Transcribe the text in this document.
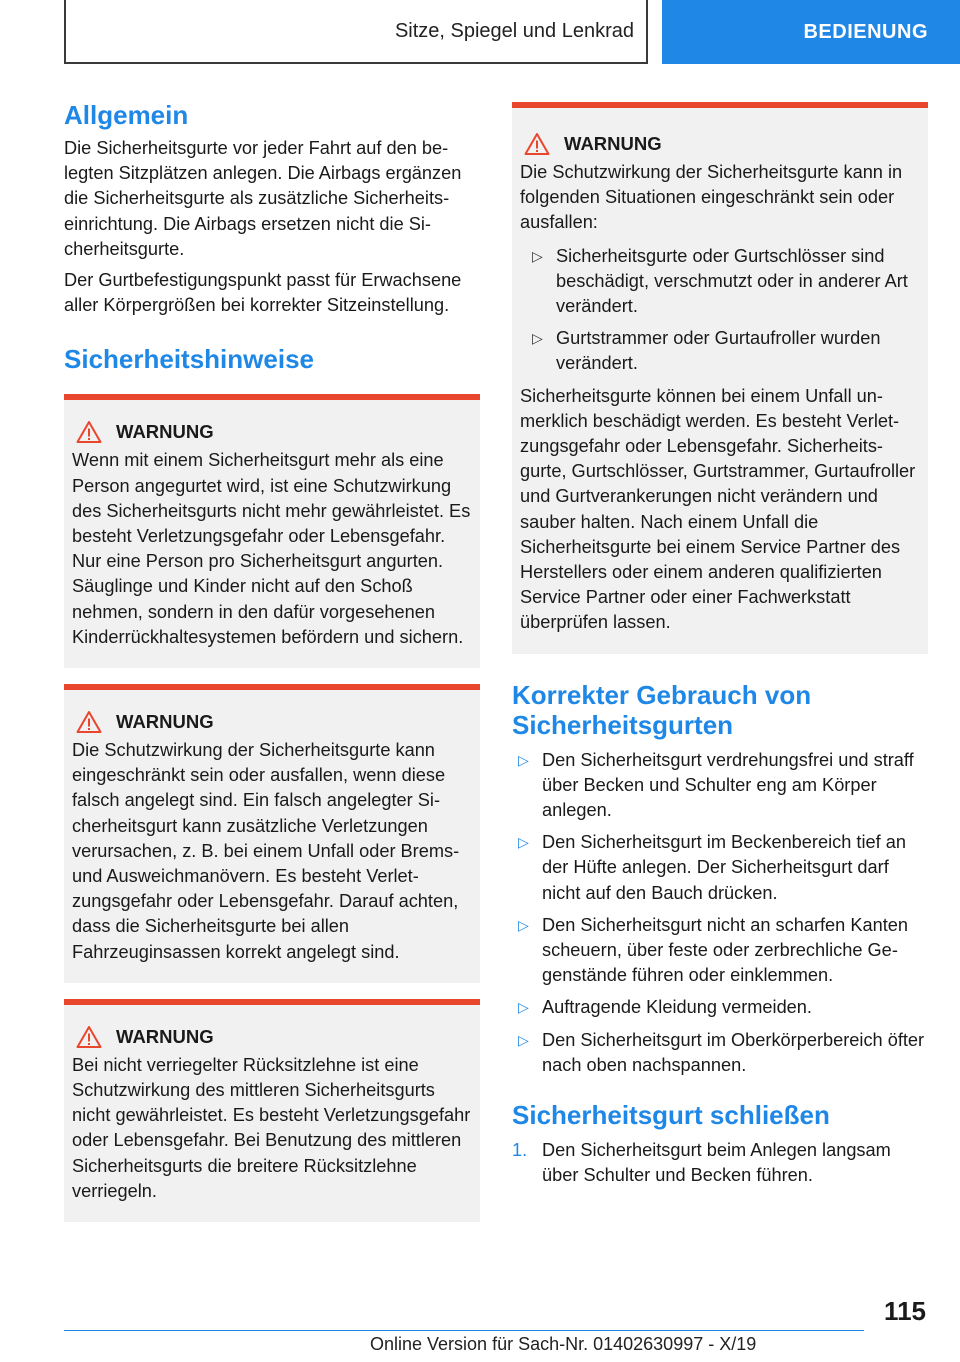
Sitze, Spiegel und Lenkrad	BEDIENUNG
Allgemein

Die Sicherheitsgurte vor jeder Fahrt auf den belegten Sitzplätzen anlegen. Die Airbags ergänzen die Sicherheitsgurte als zusätzliche Sicherheitseinrichtung. Die Airbags ersetzen nicht die Sicherheitsgurte.

Der Gurtbefestigungspunkt passt für Erwachsene aller Körpergrößen bei korrekter Sitzeinstellung.

Sicherheitshinweise
WARNUNG

Wenn mit einem Sicherheitsgurt mehr als eine Person angegurtet wird, ist eine Schutzwirkung des Sicherheitsgurts nicht mehr gewährleistet. Es besteht Verletzungsgefahr oder Lebensgefahr. Nur eine Person pro Sicherheitsgurt angurten. Säuglinge und Kinder nicht auf den Schoß nehmen, sondern in den dafür vorgesehenen Kinderrückhaltesystemen befördern und sichern.

WARNUNG

Die Schutzwirkung der Sicherheitsgurte kann eingeschränkt sein oder ausfallen, wenn diese falsch angelegt sind. Ein falsch angelegter Sicherheitsgurt kann zusätzliche Verletzungen verursachen, z. B. bei einem Unfall oder Brems- und Ausweichmanövern. Es besteht Verletzungsgefahr oder Lebensgefahr. Darauf achten, dass die Sicherheitsgurte bei allen Fahrzeuginsassen korrekt angelegt sind.

WARNUNG

Bei nicht verriegelter Rücksitzlehne ist eine Schutzwirkung des mittleren Sicherheitsgurts nicht gewährleistet. Es besteht Verletzungsgefahr oder Lebensgefahr. Bei Benutzung des mittleren Sicherheitsgurts die breitere Rücksitzlehne verriegeln.

WARNUNG

Die Schutzwirkung der Sicherheitsgurte kann in folgenden Situationen eingeschränkt sein oder ausfallen:

▷ Sicherheitsgurte oder Gurtschlösser sind beschädigt, verschmutzt oder in anderer Art verändert.
▷ Gurtstrammer oder Gurtaufroller wurden verändert.

Sicherheitsgurte können bei einem Unfall unmerklich beschädigt werden. Es besteht Verletzungsgefahr oder Lebensgefahr. Sicherheitsgurte, Gurtschlösser, Gurtstrammer, Gurtaufroller und Gurtverankerungen nicht verändern und sauber halten. Nach einem Unfall die Sicherheitsgurte bei einem Service Partner des Herstellers oder einem anderen qualifizierten Service Partner oder einer Fachwerkstatt überprüfen lassen.

Korrekter Gebrauch von Sicherheitsgurten
▷ Den Sicherheitsgurt verdrehungsfrei und straff über Becken und Schulter eng am Körper anlegen.
▷ Den Sicherheitsgurt im Beckenbereich tief an der Hüfte anlegen. Der Sicherheitsgurt darf nicht auf den Bauch drücken.
▷ Den Sicherheitsgurt nicht an scharfen Kanten scheuern, über feste oder zerbrechliche Gegenstände führen oder einklemmen.
▷ Auftragende Kleidung vermeiden.
▷ Den Sicherheitsgurt im Oberkörperbereich öfter nach oben nachspannen.
Sicherheitsgurt schließen
1. Den Sicherheitsgurt beim Anlegen langsam über Schulter und Becken führen.
115
Online Version für Sach-Nr. 01402630997 - X/19
